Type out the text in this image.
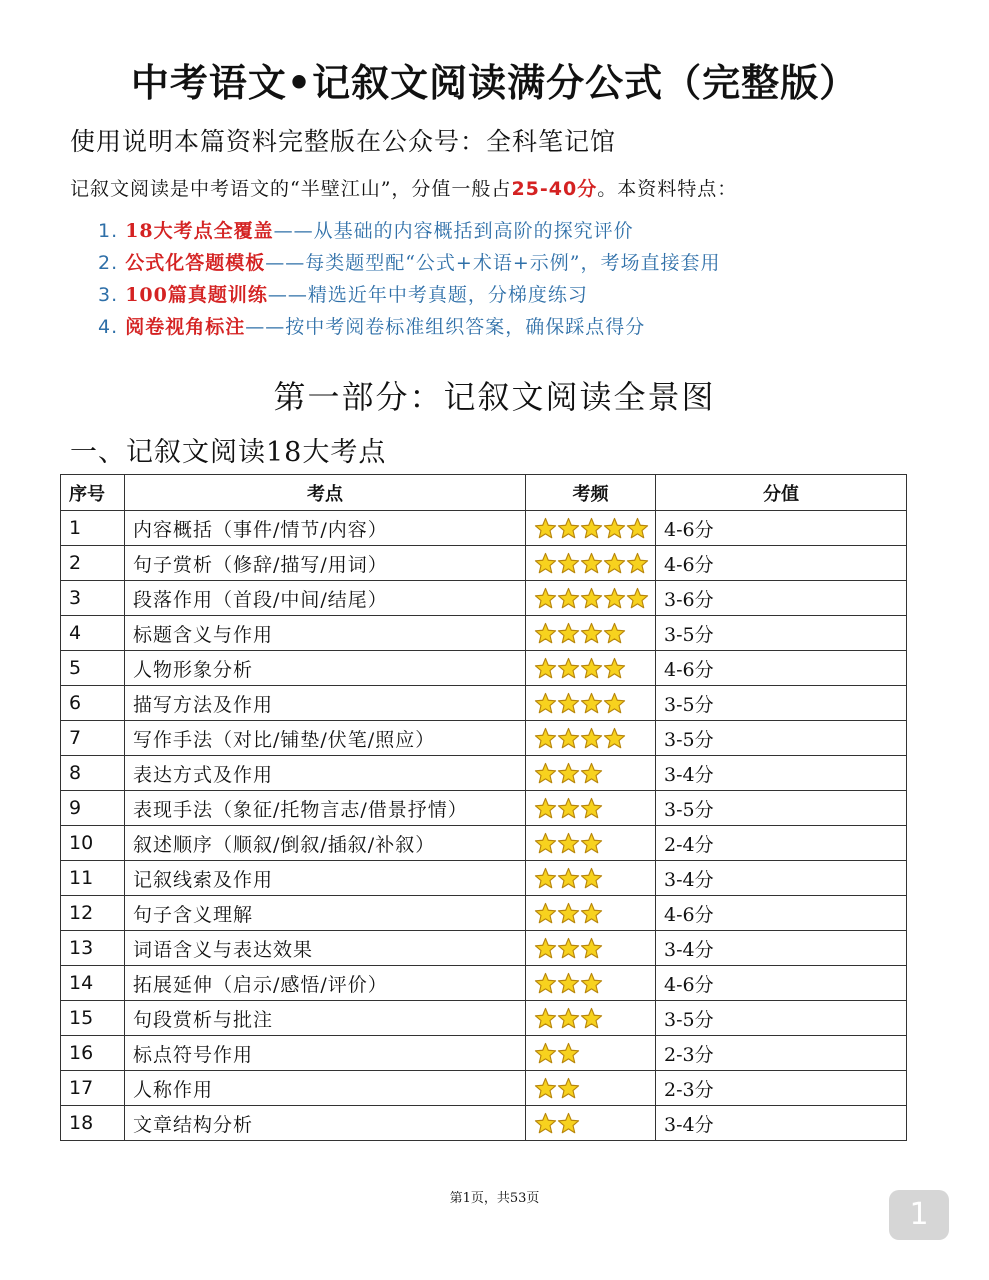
中考语文•记叙文阅读满分公式（完整版）
使用说明本篇资料完整版在公众号：全科笔记馆
记叙文阅读是中考语文的“半壁江山”，分值一般占25-40分。本资料特点：
1. 18大考点全覆盖——从基础的内容概括到高阶的探究评价
2. 公式化答题模板——每类题型配“公式+术语+示例”，考场直接套用
3. 100篇真题训练——精选近年中考真题，分梯度练习
4. 阅卷视角标注——按中考阅卷标准组织答案，确保踩点得分
第一部分：记叙文阅读全景图
一、记叙文阅读18大考点
序号	考点	考频	分值
1	内容概括（事件/情节/内容）		4-6分
2	句子赏析（修辞/描写/用词）		4-6分
3	段落作用（首段/中间/结尾）		3-6分
4	标题含义与作用		3-5分
5	人物形象分析		4-6分
6	描写方法及作用		3-5分
7	写作手法（对比/铺垫/伏笔/照应）		3-5分
8	表达方式及作用		3-4分
9	表现手法（象征/托物言志/借景抒情）		3-5分
10	叙述顺序（顺叙/倒叙/插叙/补叙）		2-4分
11	记叙线索及作用		3-4分
12	句子含义理解		4-6分
13	词语含义与表达效果		3-4分
14	拓展延伸（启示/感悟/评价）		4-6分
15	句段赏析与批注		3-5分
16	标点符号作用		2-3分
17	人称作用		2-3分
18	文章结构分析		3-4分
第1页，共53页	1
